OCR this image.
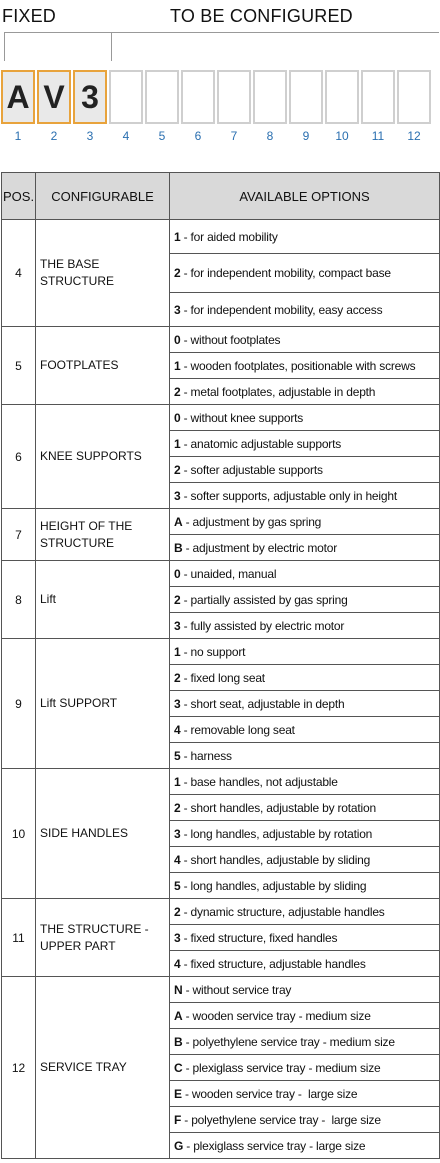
FIXED	TO BE CONFIGURED
A V 3
1	2	3	4	5	6	7	8	9	10	11	12
POS.	CONFIGURABLE	AVAILABLE OPTIONS
4	THE BASE STRUCTURE	1 - for aided mobility
		2 - for independent mobility, compact base
		3 - for independent mobility, easy access
5	FOOTPLATES	0 - without footplates
		1 - wooden footplates, positionable with screws
		2 - metal footplates, adjustable in depth
6	KNEE SUPPORTS	0 - without knee supports
		1 - anatomic adjustable supports
		2 - softer adjustable supports
		3 - softer supports, adjustable only in height
7	HEIGHT OF THE STRUCTURE	A - adjustment by gas spring
		B - adjustment by electric motor
8	Lift	0 - unaided, manual
		2 - partially assisted by gas spring
		3 - fully assisted by electric motor
9	Lift SUPPORT	1 - no support
		2 - fixed long seat
		3 - short seat, adjustable in depth
		4 - removable long seat
		5 - harness
10	SIDE HANDLES	1 - base handles, not adjustable
		2 - short handles, adjustable by rotation
		3 - long handles, adjustable by rotation
		4 - short handles, adjustable by sliding
		5 - long handles, adjustable by sliding
11	THE STRUCTURE - UPPER PART	2 - dynamic structure, adjustable handles
		3 - fixed structure, fixed handles
		4 - fixed structure, adjustable handles
12	SERVICE TRAY	N - without service tray
		A - wooden service tray - medium size
		B - polyethylene service tray - medium size
		C - plexiglass service tray - medium size
		E - wooden service tray -  large size
		F - polyethylene service tray -  large size
		G - plexiglass service tray - large size
